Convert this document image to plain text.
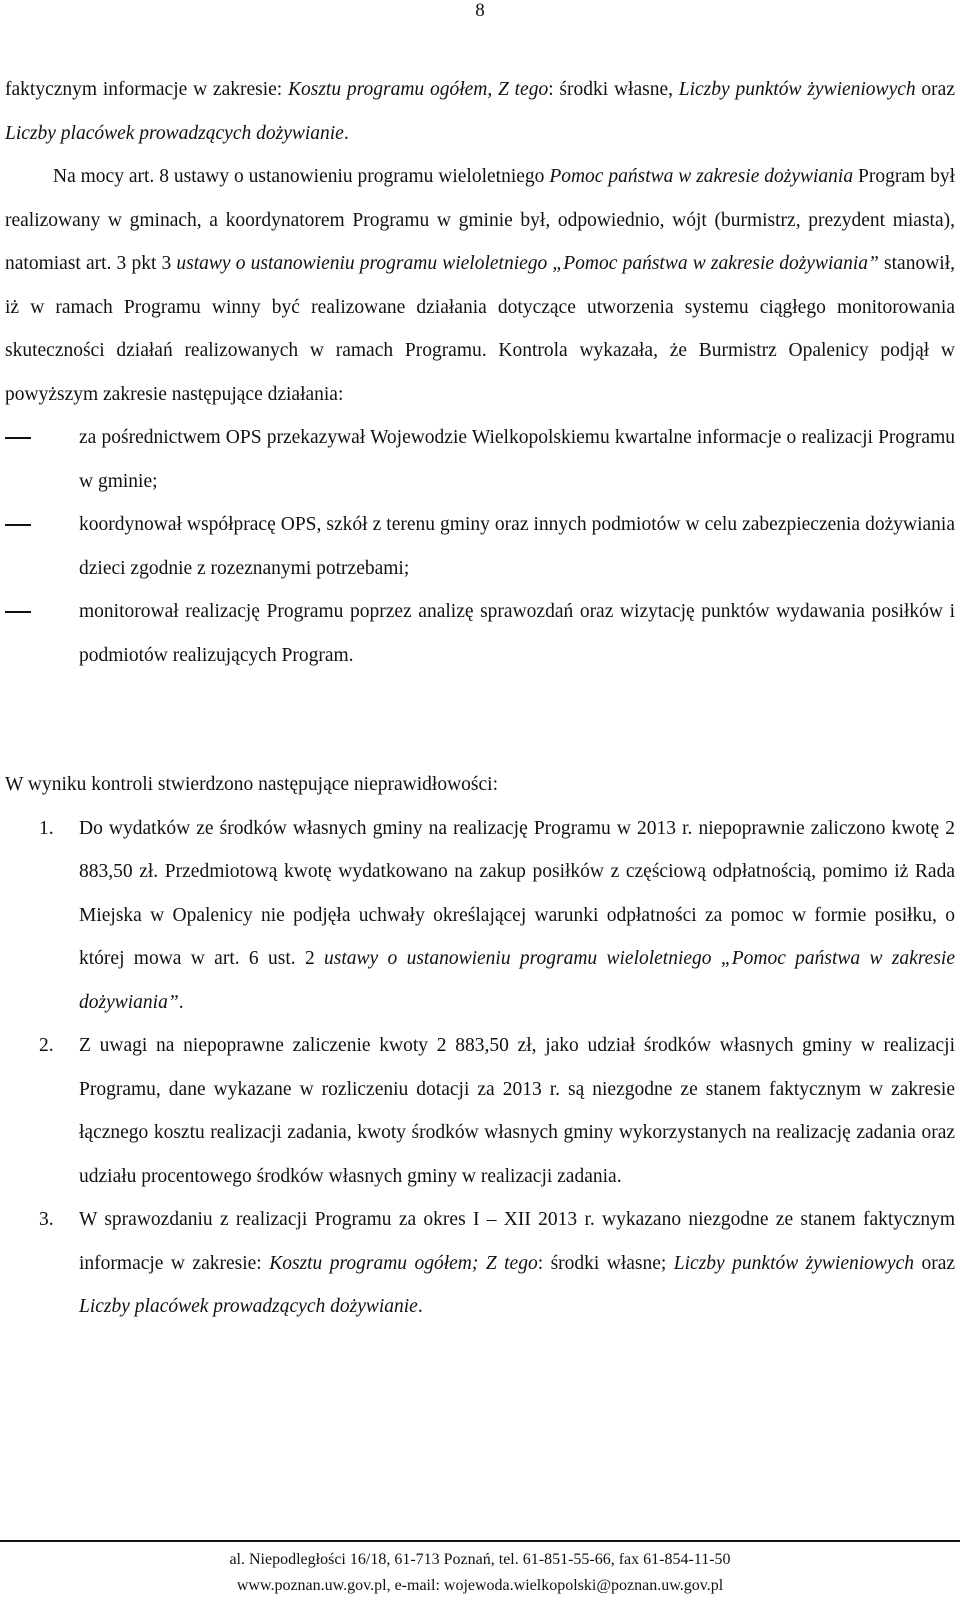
8

faktycznym informacje w zakresie: Kosztu programu ogółem, Z tego: środki własne, Liczby punktów żywieniowych oraz Liczby placówek prowadzących dożywianie.

Na mocy art. 8 ustawy o ustanowieniu programu wieloletniego Pomoc państwa w zakresie dożywiania Program był realizowany w gminach, a koordynatorem Programu w gminie był, odpowiednio, wójt (burmistrz, prezydent miasta), natomiast art. 3 pkt 3 ustawy o ustanowieniu programu wieloletniego „Pomoc państwa w zakresie dożywiania” stanowił, iż w ramach Programu winny być realizowane działania dotyczące utworzenia systemu ciągłego monitorowania skuteczności działań realizowanych w ramach Programu. Kontrola wykazała, że Burmistrz Opalenicy podjął w powyższym zakresie następujące działania:

za pośrednictwem OPS przekazywał Wojewodzie Wielkopolskiemu kwartalne informacje o realizacji Programu w gminie;
koordynował współpracę OPS, szkół z terenu gminy oraz innych podmiotów w celu zabezpieczenia dożywiania dzieci zgodnie z rozeznanymi potrzebami;
monitorował realizację Programu poprzez analizę sprawozdań oraz wizytację punktów wydawania posiłków i podmiotów realizujących Program.

W wyniku kontroli stwierdzono następujące nieprawidłowości:

1. Do wydatków ze środków własnych gminy na realizację Programu w 2013 r. niepoprawnie zaliczono kwotę 2 883,50 zł. Przedmiotową kwotę wydatkowano na zakup posiłków z częściową odpłatnością, pomimo iż Rada Miejska w Opalenicy nie podjęła uchwały określającej warunki odpłatności za pomoc w formie posiłku, o której mowa w art. 6 ust. 2 ustawy o ustanowieniu programu wieloletniego „Pomoc państwa w zakresie dożywiania”.
2. Z uwagi na niepoprawne zaliczenie kwoty 2 883,50 zł, jako udział środków własnych gminy w realizacji Programu, dane wykazane w rozliczeniu dotacji za 2013 r. są niezgodne ze stanem faktycznym w zakresie łącznego kosztu realizacji zadania, kwoty środków własnych gminy wykorzystanych na realizację zadania oraz udziału procentowego środków własnych gminy w realizacji zadania.
3. W sprawozdaniu z realizacji Programu za okres I – XII 2013 r. wykazano niezgodne ze stanem faktycznym informacje w zakresie: Kosztu programu ogółem; Z tego: środki własne; Liczby punktów żywieniowych oraz Liczby placówek prowadzących dożywianie.
al. Niepodległości 16/18, 61-713 Poznań, tel. 61-851-55-66, fax 61-854-11-50
www.poznan.uw.gov.pl, e-mail: wojewoda.wielkopolski@poznan.uw.gov.pl
